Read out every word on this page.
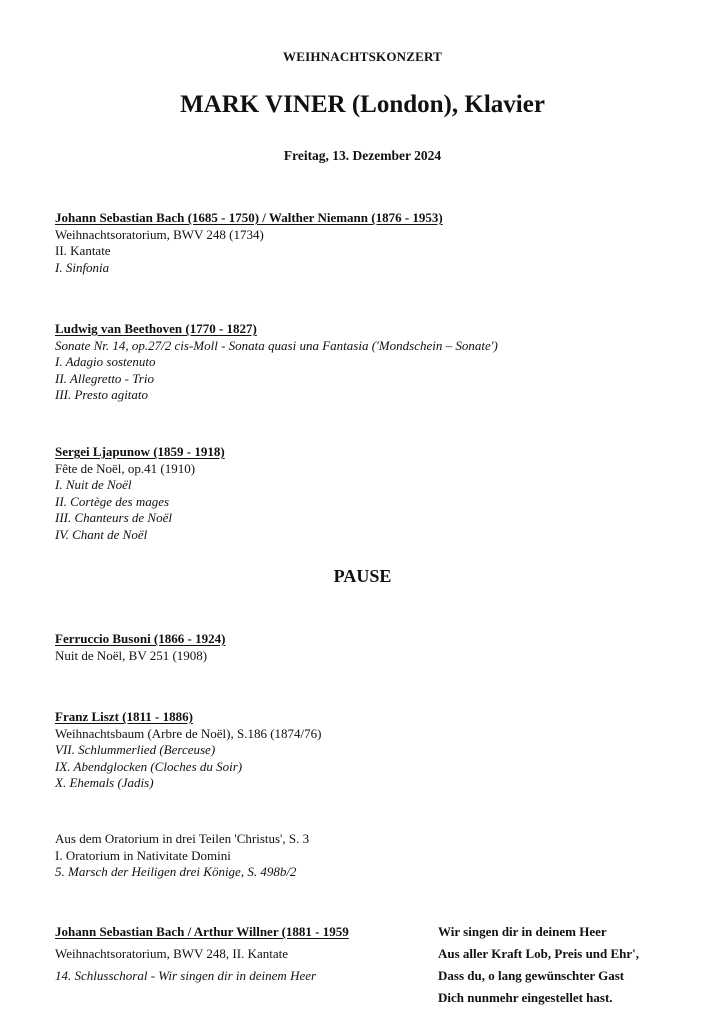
WEIHNACHTSKONZERT
MARK VINER (London), Klavier
Freitag, 13. Dezember 2024
Johann Sebastian Bach (1685 - 1750) / Walther Niemann (1876 - 1953)
Weihnachtsoratorium, BWV 248 (1734)
II. Kantate
I. Sinfonia
Ludwig van Beethoven (1770 - 1827)
Sonate Nr. 14, op.27/2 cis-Moll - Sonata quasi una Fantasia ('Mondschein – Sonate')
I. Adagio sostenuto
II. Allegretto - Trio
III. Presto agitato
Sergei Ljapunow (1859 - 1918)
Fête de Noël, op.41 (1910)
I. Nuit de Noël
II. Cortège des mages
III. Chanteurs de Noël
IV. Chant de Noël
PAUSE
Ferruccio Busoni (1866 - 1924)
Nuit de Noël, BV 251 (1908)
Franz Liszt (1811 - 1886)
Weihnachtsbaum (Arbre de Noël), S.186 (1874/76)
VII. Schlummerlied (Berceuse)
IX. Abendglocken (Cloches du Soir)
X. Ehemals (Jadis)
Aus dem Oratorium in drei Teilen 'Christus', S. 3
I. Oratorium in Nativitate Domini
5. Marsch der Heiligen drei Könige, S. 498b/2
Johann Sebastian Bach / Arthur Willner (1881 - 1959
Weihnachtsoratorium, BWV 248, II. Kantate
14. Schlusschoral - Wir singen dir in deinem Heer
Wir singen dir in deinem Heer
Aus aller Kraft Lob, Preis und Ehr',
Dass du, o lang gewünschter Gast
Dich nunmehr eingestellet hast.
